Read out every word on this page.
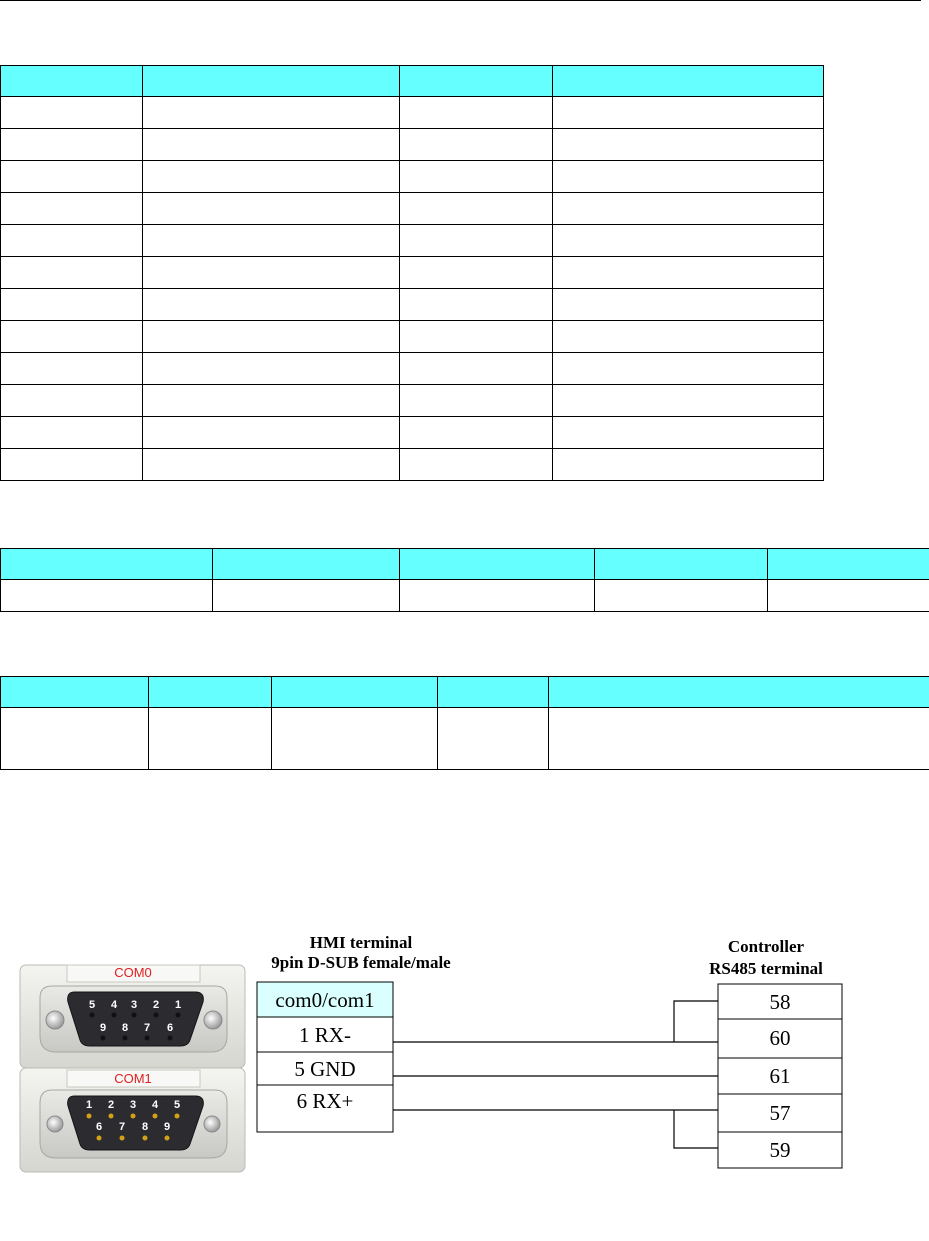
COM0
5 4 3 2 1
9 8 7 6
COM1
1 2 3 4 5
6 7 8 9
HMI terminal
9pin D-SUB female/male
Controller
RS485 terminal
com0/com1
1 RX-
5 GND
6 RX+
58
60
61
57
59
